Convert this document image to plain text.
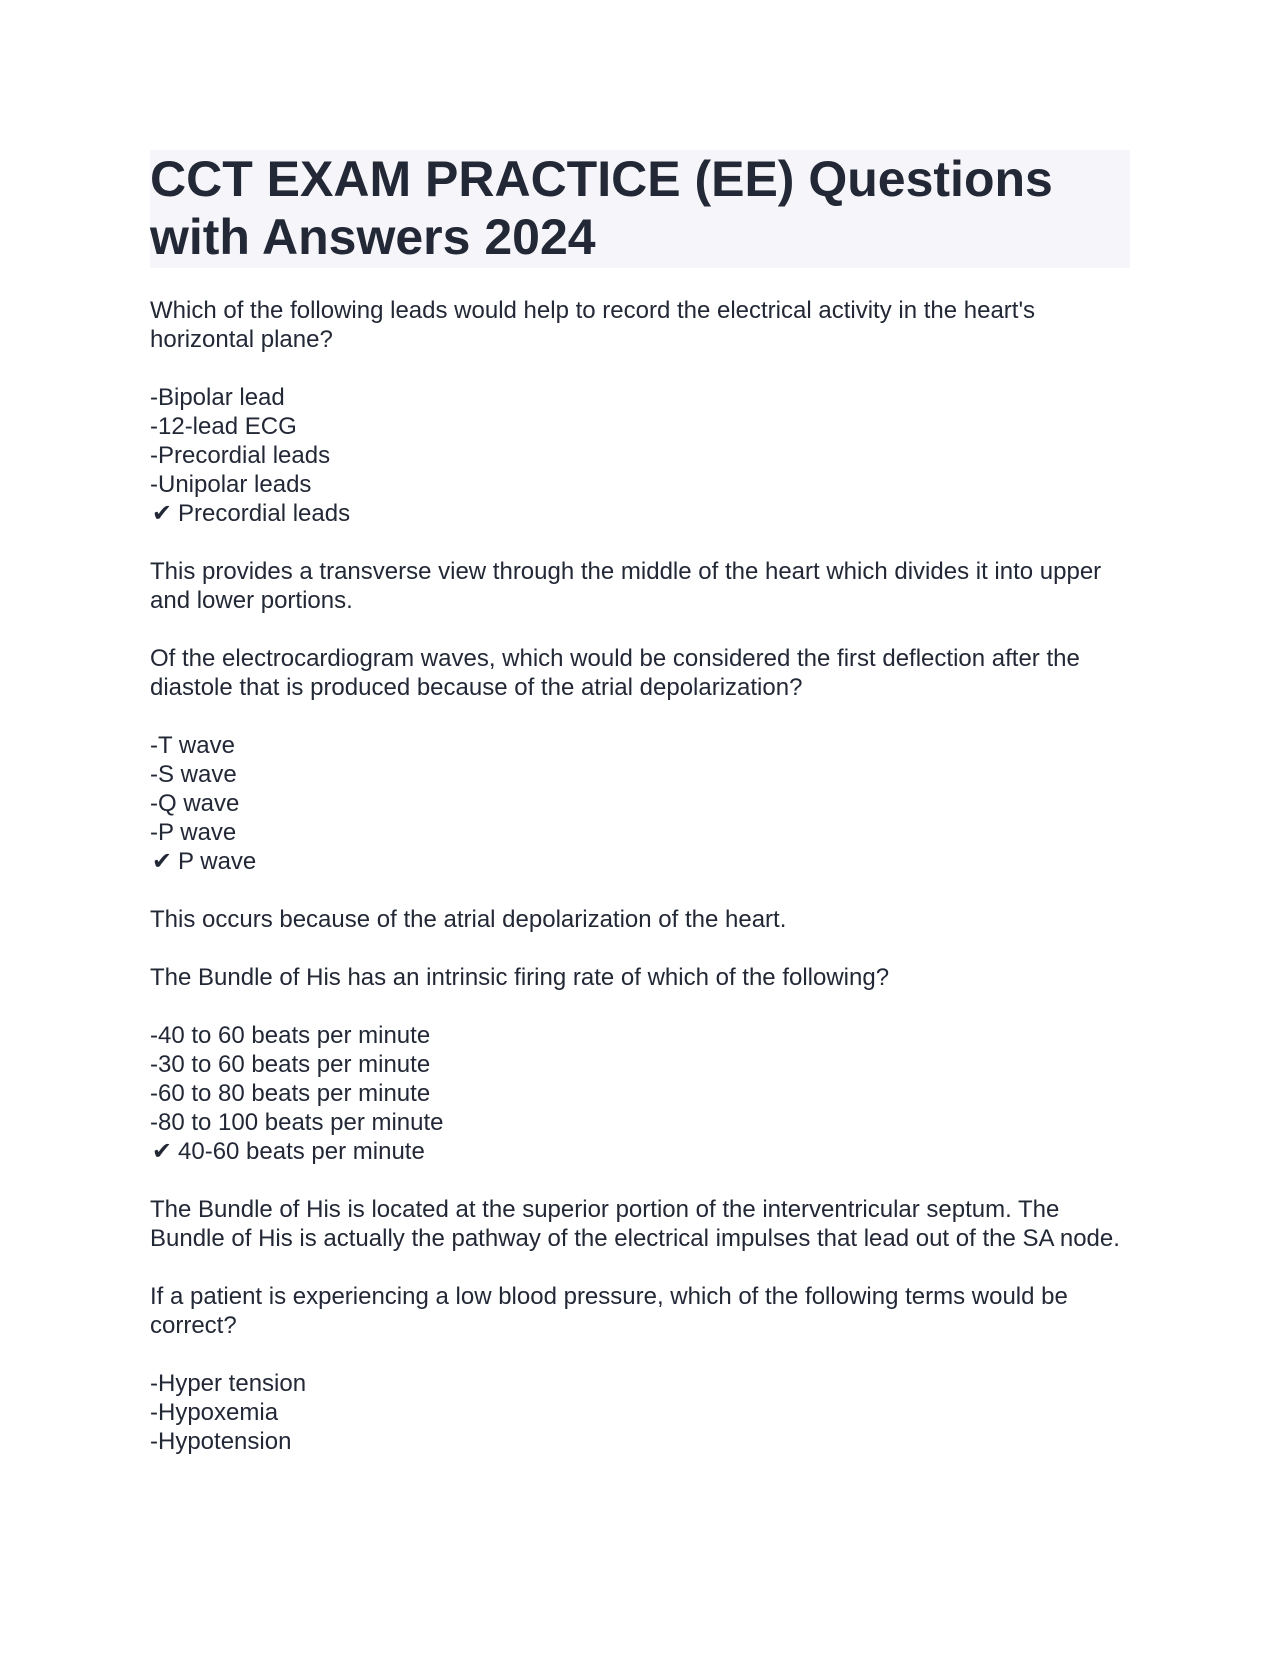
CCT EXAM PRACTICE (EE) Questions with Answers 2024
Which of the following leads would help to record the electrical activity in the heart's horizontal plane?
-Bipolar lead
-12-lead ECG
-Precordial leads
-Unipolar leads
✔ Precordial leads
This provides a transverse view through the middle of the heart which divides it into upper and lower portions.
Of the electrocardiogram waves, which would be considered the first deflection after the diastole that is produced because of the atrial depolarization?
-T wave
-S wave
-Q wave
-P wave
✔ P wave
This occurs because of the atrial depolarization of the heart.
The Bundle of His has an intrinsic firing rate of which of the following?
-40 to 60 beats per minute
-30 to 60 beats per minute
-60 to 80 beats per minute
-80 to 100 beats per minute
✔ 40-60 beats per minute
The Bundle of His is located at the superior portion of the interventricular septum. The Bundle of His is actually the pathway of the electrical impulses that lead out of the SA node.
If a patient is experiencing a low blood pressure, which of the following terms would be correct?
-Hyper tension
-Hypoxemia
-Hypotension
